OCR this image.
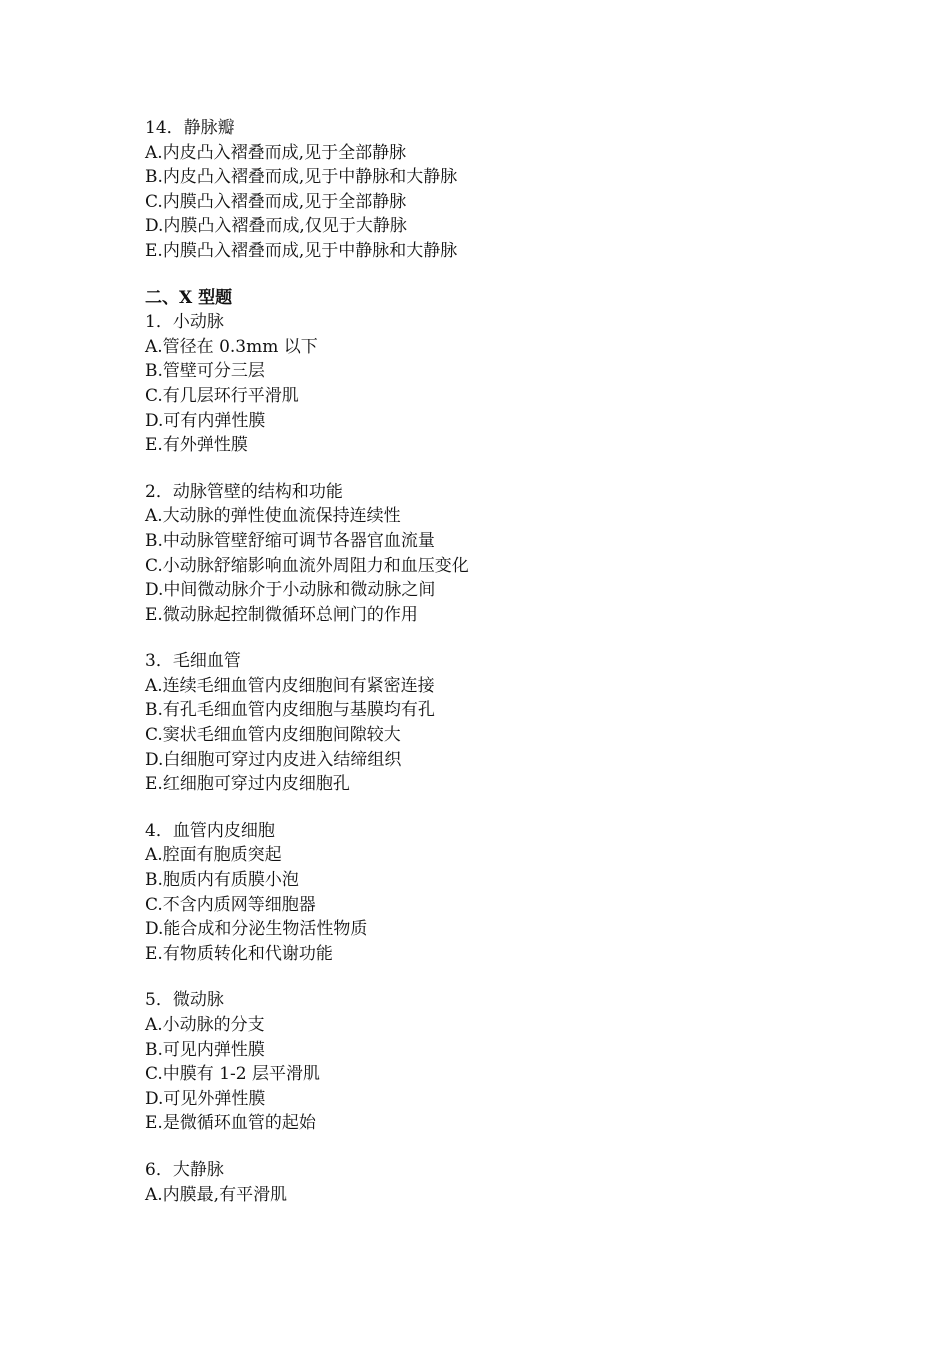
14．静脉瓣
A.内皮凸入褶叠而成,见于全部静脉
B.内皮凸入褶叠而成,见于中静脉和大静脉
C.内膜凸入褶叠而成,见于全部静脉
D.内膜凸入褶叠而成,仅见于大静脉
E.内膜凸入褶叠而成,见于中静脉和大静脉
二、X 型题
1．小动脉
A.管径在 0.3mm 以下
B.管壁可分三层
C.有几层环行平滑肌
D.可有内弹性膜
E.有外弹性膜
2．动脉管壁的结构和功能
A.大动脉的弹性使血流保持连续性
B.中动脉管壁舒缩可调节各器官血流量
C.小动脉舒缩影响血流外周阻力和血压变化
D.中间微动脉介于小动脉和微动脉之间
E.微动脉起控制微循环总闸门的作用
3．毛细血管
A.连续毛细血管内皮细胞间有紧密连接
B.有孔毛细血管内皮细胞与基膜均有孔
C.窦状毛细血管内皮细胞间隙较大
D.白细胞可穿过内皮进入结缔组织
E.红细胞可穿过内皮细胞孔
4．血管内皮细胞
A.腔面有胞质突起
B.胞质内有质膜小泡
C.不含内质网等细胞器
D.能合成和分泌生物活性物质
E.有物质转化和代谢功能
5．微动脉
A.小动脉的分支
B.可见内弹性膜
C.中膜有 1-2 层平滑肌
D.可见外弹性膜
E.是微循环血管的起始
6．大静脉
A.内膜最,有平滑肌
